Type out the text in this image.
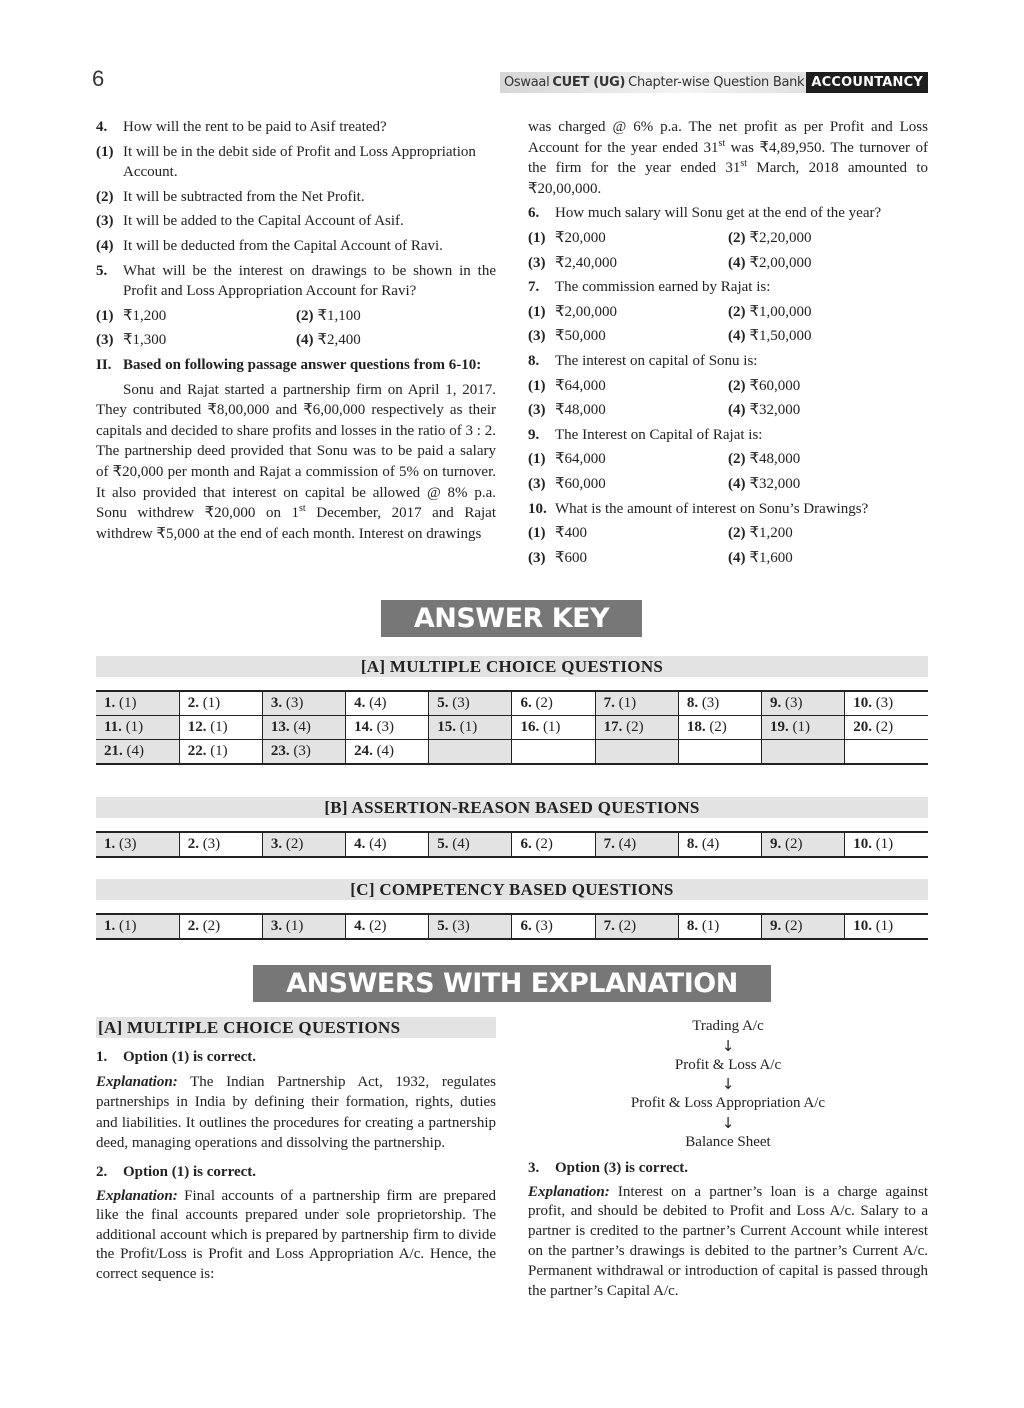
6	Oswaal CUET (UG) Chapter-wise Question Bank ACCOUNTANCY
4.	How will the rent to be paid to Asif treated?
(1) It will be in the debit side of Profit and Loss Appropriation Account.
(2) It will be subtracted from the Net Profit.
(3) It will be added to the Capital Account of Asif.
(4) It will be deducted from the Capital Account of Ravi.
5.	What will be the interest on drawings to be shown in the Profit and Loss Appropriation Account for Ravi?
(1) ₹1,200	(2) ₹1,100
(3) ₹1,300	(4) ₹2,400
II. Based on following passage answer questions from 6-10:
Sonu and Rajat started a partnership firm on April 1, 2017. They contributed ₹8,00,000 and ₹6,00,000 respectively as their capitals and decided to share profits and losses in the ratio of 3 : 2. The partnership deed provided that Sonu was to be paid a salary of ₹20,000 per month and Rajat a commission of 5% on turnover. It also provided that interest on capital be allowed @ 8% p.a. Sonu withdrew ₹20,000 on 1st December, 2017 and Rajat withdrew ₹5,000 at the end of each month. Interest on drawings
was charged @ 6% p.a. The net profit as per Profit and Loss Account for the year ended 31st was ₹4,89,950. The turnover of the firm for the year ended 31st March, 2018 amounted to ₹20,00,000.
6.	How much salary will Sonu get at the end of the year?
(1) ₹20,000	(2) ₹2,20,000
(3) ₹2,40,000	(4) ₹2,00,000
7.	The commission earned by Rajat is:
(1) ₹2,00,000	(2) ₹1,00,000
(3) ₹50,000	(4) ₹1,50,000
8.	The interest on capital of Sonu is:
(1) ₹64,000	(2) ₹60,000
(3) ₹48,000	(4) ₹32,000
9.	The Interest on Capital of Rajat is:
(1) ₹64,000	(2) ₹48,000
(3) ₹60,000	(4) ₹32,000
10. What is the amount of interest on Sonu’s Drawings?
(1) ₹400	(2) ₹1,200
(3) ₹600	(4) ₹1,600
ANSWER KEY
[A] MULTIPLE CHOICE QUESTIONS
1. (1)	2. (1)	3. (3)	4. (4)	5. (3)	6. (2)	7. (1)	8. (3)	9. (3)	10. (3)
11. (1)	12. (1)	13. (4)	14. (3)	15. (1)	16. (1)	17. (2)	18. (2)	19. (1)	20. (2)
21. (4)	22. (1)	23. (3)	24. (4)						
[B] ASSERTION-REASON BASED QUESTIONS
1. (3)	2. (3)	3. (2)	4. (4)	5. (4)	6. (2)	7. (4)	8. (4)	9. (2)	10. (1)
[C] COMPETENCY BASED QUESTIONS
1. (1)	2. (2)	3. (1)	4. (2)	5. (3)	6. (3)	7. (2)	8. (1)	9. (2)	10. (1)
ANSWERS WITH EXPLANATION
[A] MULTIPLE CHOICE QUESTIONS
1.	Option (1) is correct.
Explanation: The Indian Partnership Act, 1932, regulates partnerships in India by defining their formation, rights, duties and liabilities. It outlines the procedures for creating a partnership deed, managing operations and dissolving the partnership.
2.	Option (1) is correct.
Explanation: Final accounts of a partnership firm are prepared like the final accounts prepared under sole proprietorship. The additional account which is prepared by partnership firm to divide the Profit/Loss is Profit and Loss Appropriation A/c. Hence, the correct sequence is:
Trading A/c
↓
Profit & Loss A/c
↓
Profit & Loss Appropriation A/c
↓
Balance Sheet
3.	Option (3) is correct.
Explanation: Interest on a partner’s loan is a charge against profit, and should be debited to Profit and Loss A/c. Salary to a partner is credited to the partner’s Current Account while interest on the partner’s drawings is debited to the partner’s Current A/c. Permanent withdrawal or introduction of capital is passed through the partner’s Capital A/c.
